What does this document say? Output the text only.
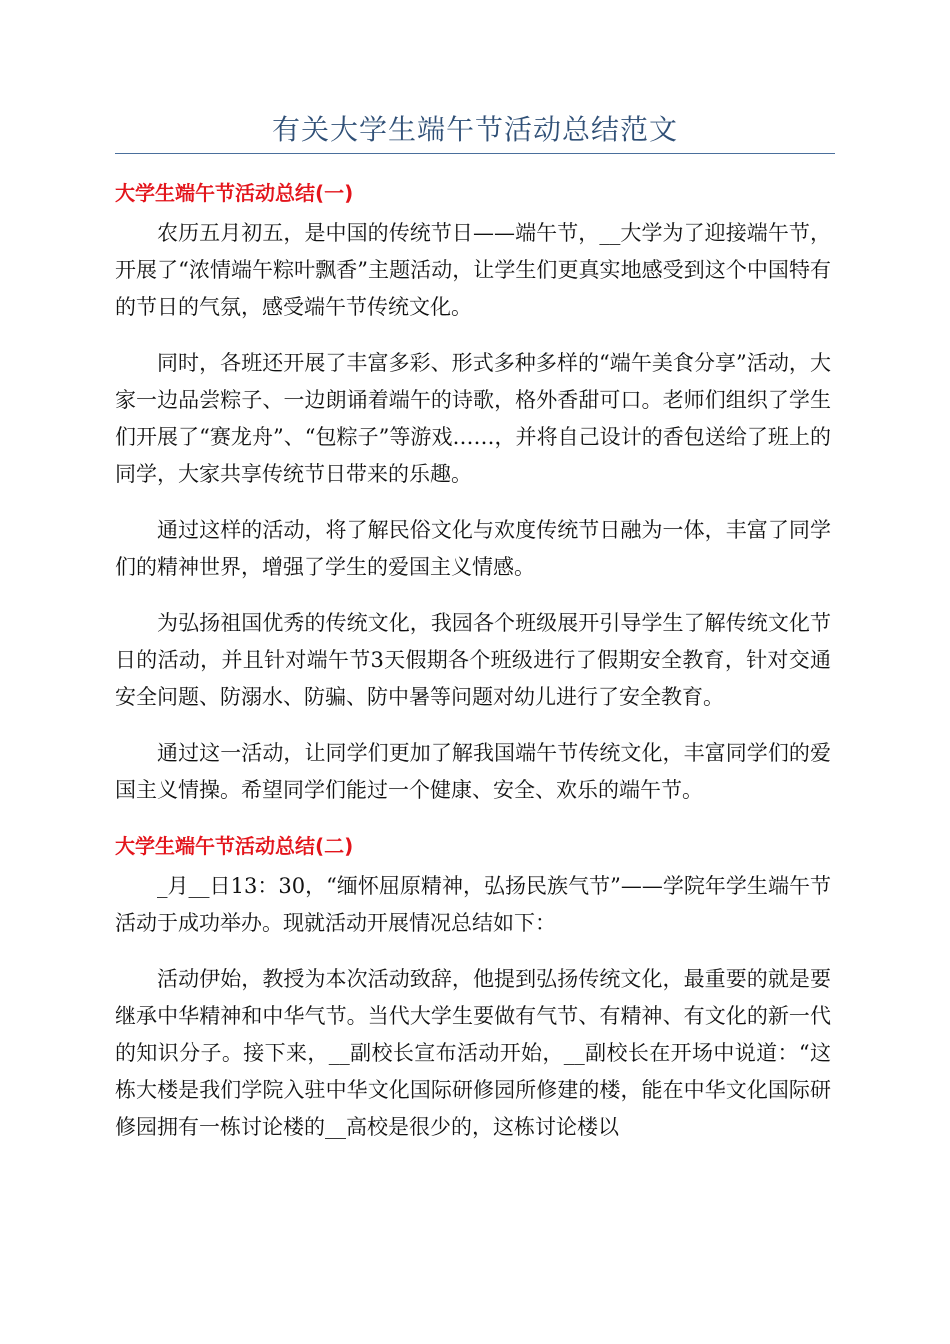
有关大学生端午节活动总结范文
大学生端午节活动总结(一)

农历五月初五，是中国的传统节日——端午节，__大学为了迎接端午节，开展了“浓情端午粽叶飘香”主题活动，让学生们更真实地感受到这个中国特有的节日的气氛，感受端午节传统文化。

同时，各班还开展了丰富多彩、形式多种多样的“端午美食分享”活动，大家一边品尝粽子、一边朗诵着端午的诗歌，格外香甜可口。老师们组织了学生们开展了“赛龙舟”、“包粽子”等游戏……，并将自己设计的香包送给了班上的同学，大家共享传统节日带来的乐趣。

通过这样的活动，将了解民俗文化与欢度传统节日融为一体，丰富了同学们的精神世界，增强了学生的爱国主义情感。

为弘扬祖国优秀的传统文化，我园各个班级展开引导学生了解传统文化节日的活动，并且针对端午节3天假期各个班级进行了假期安全教育，针对交通安全问题、防溺水、防骗、防中暑等问题对幼儿进行了安全教育。

通过这一活动，让同学们更加了解我国端午节传统文化，丰富同学们的爱国主义情操。希望同学们能过一个健康、安全、欢乐的端午节。

大学生端午节活动总结(二)

_月__日13：30，“缅怀屈原精神，弘扬民族气节”——学院年学生端午节活动于成功举办。现就活动开展情况总结如下：

活动伊始，教授为本次活动致辞，他提到弘扬传统文化，最重要的就是要继承中华精神和中华气节。当代大学生要做有气节、有精神、有文化的新一代的知识分子。接下来，__副校长宣布活动开始，__副校长在开场中说道：“这栋大楼是我们学院入驻中华文化国际研修园所修建的楼，能在中华文化国际研修园拥有一栋讨论楼的__高校是很少的，这栋讨论楼以
